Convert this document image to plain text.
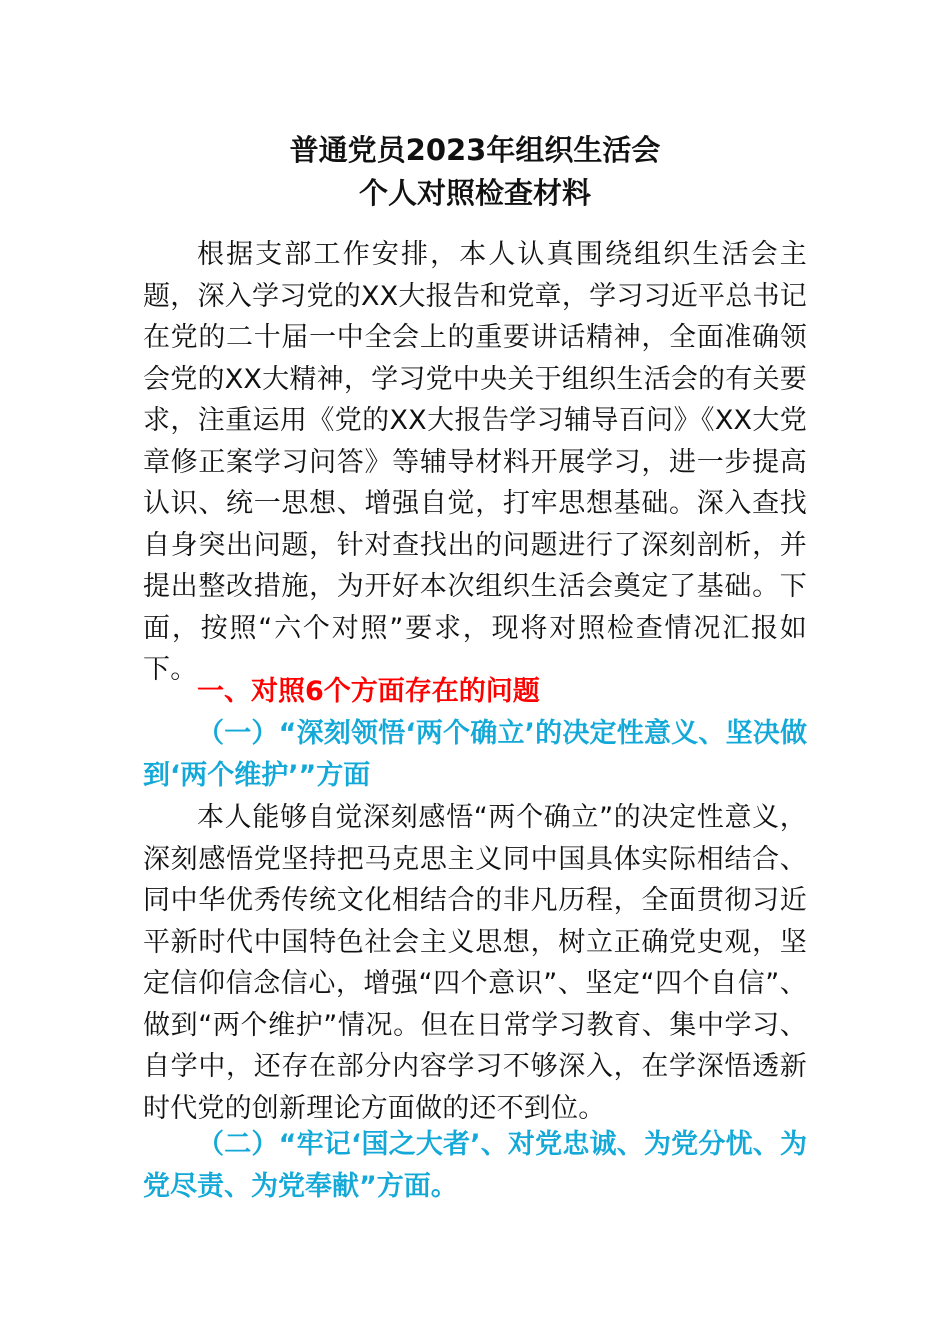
普通党员2023年组织生活会
个人对照检查材料

根据支部工作安排，本人认真围绕组织生活会主题，深入学习党的XX大报告和党章，学习习近平总书记在党的二十届一中全会上的重要讲话精神，全面准确领会党的XX大精神，学习党中央关于组织生活会的有关要求，注重运用《党的XX大报告学习辅导百问》《XX大党章修正案学习问答》等辅导材料开展学习，进一步提高认识、统一思想、增强自觉，打牢思想基础。深入查找自身突出问题，针对查找出的问题进行了深刻剖析，并提出整改措施，为开好本次组织生活会奠定了基础。下面，按照“六个对照”要求，现将对照检查情况汇报如下。

一、对照6个方面存在的问题
（一）“深刻领悟‘两个确立’的决定性意义、坚决做到‘两个维护’”方面

本人能够自觉深刻感悟“两个确立”的决定性意义，深刻感悟党坚持把马克思主义同中国具体实际相结合、同中华优秀传统文化相结合的非凡历程，全面贯彻习近平新时代中国特色社会主义思想，树立正确党史观，坚定信仰信念信心，增强“四个意识”、坚定“四个自信”、做到“两个维护”情况。但在日常学习教育、集中学习、自学中，还存在部分内容学习不够深入，在学深悟透新时代党的创新理论方面做的还不到位。

（二）“牢记‘国之大者’、对党忠诚、为党分忧、为党尽责、为党奉献”方面。
